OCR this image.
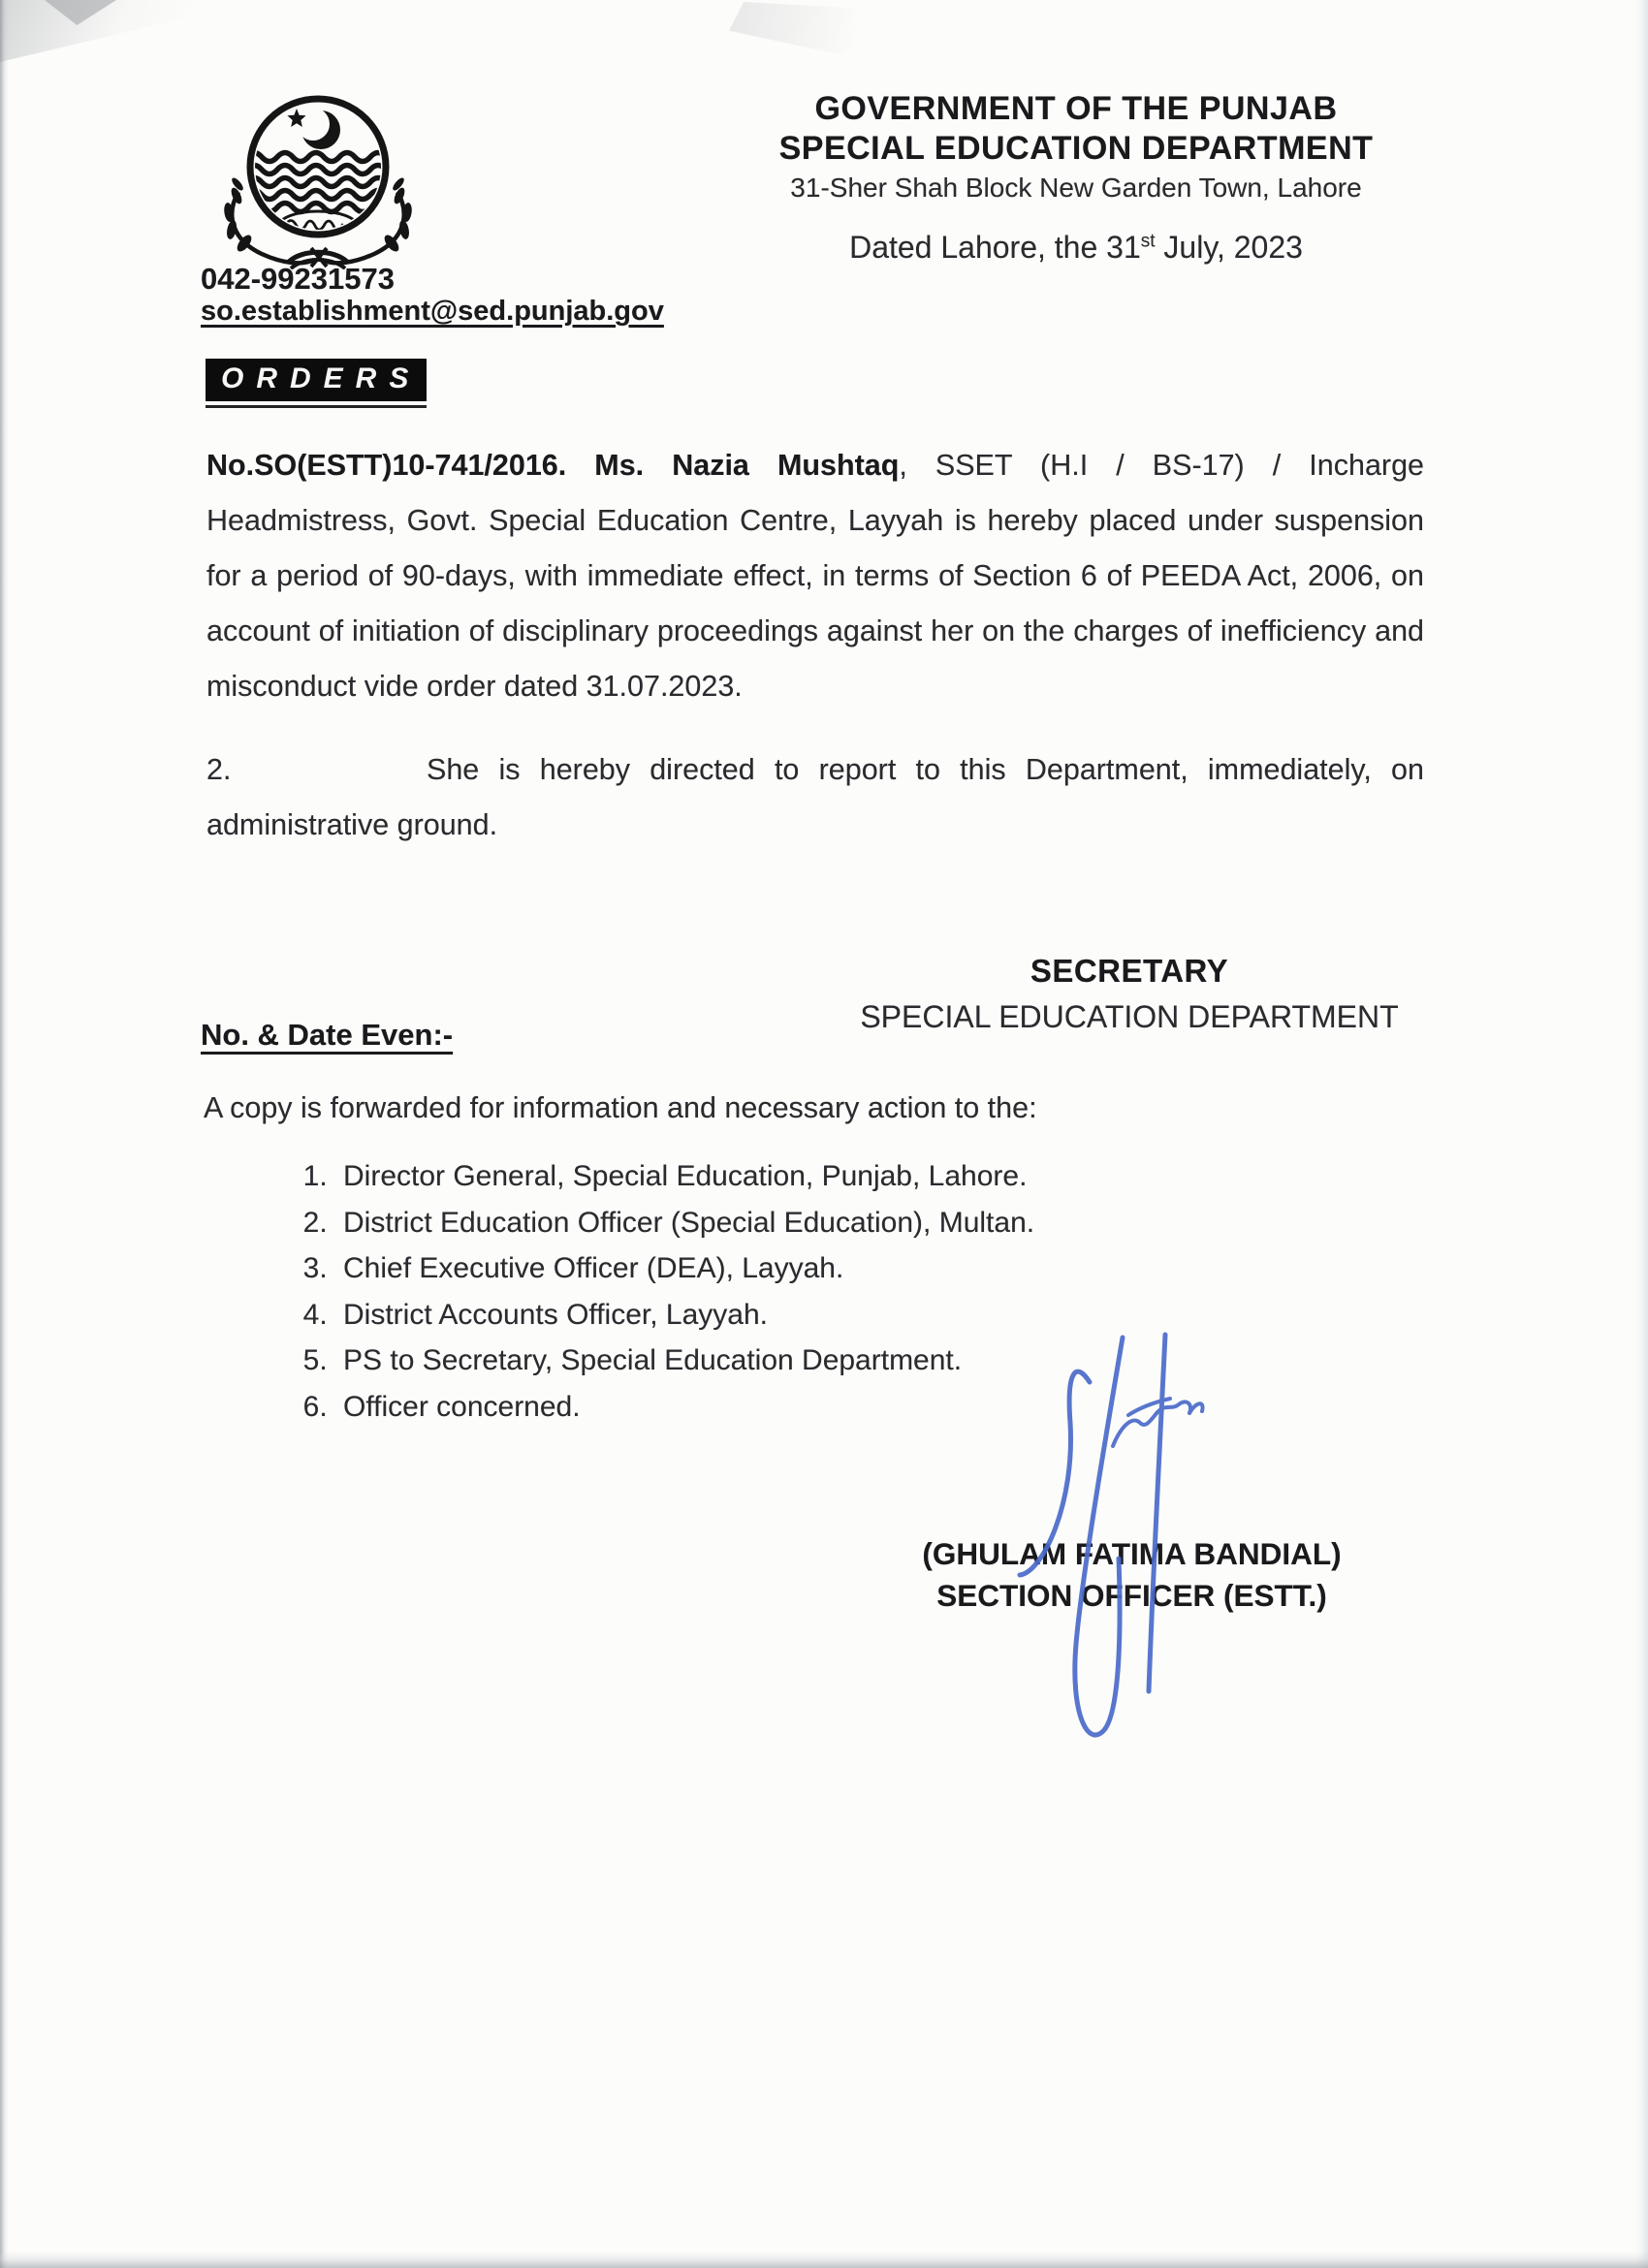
GOVERNMENT OF THE PUNJAB
SPECIAL EDUCATION DEPARTMENT
31-Sher Shah Block New Garden Town, Lahore
Dated Lahore, the 31st July, 2023
042-99231573
so.establishment@sed.punjab.gov
ORDERS

No.SO(ESTT)10-741/2016. Ms. Nazia Mushtaq, SSET (H.I / BS-17) / Incharge Headmistress, Govt. Special Education Centre, Layyah is hereby placed under suspension for a period of 90-days, with immediate effect, in terms of Section 6 of PEEDA Act, 2006, on account of initiation of disciplinary proceedings against her on the charges of inefficiency and misconduct vide order dated 31.07.2023.

2.	She is hereby directed to report to this Department, immediately, on administrative ground.

SECRETARY
SPECIAL EDUCATION DEPARTMENT
No. & Date Even:-
A copy is forwarded for information and necessary action to the:
1. Director General, Special Education, Punjab, Lahore.
2. District Education Officer (Special Education), Multan.
3. Chief Executive Officer (DEA), Layyah.
4. District Accounts Officer, Layyah.
5. PS to Secretary, Special Education Department.
6. Officer concerned.
(GHULAM FATIMA BANDIAL)
SECTION OFFICER (ESTT.)
